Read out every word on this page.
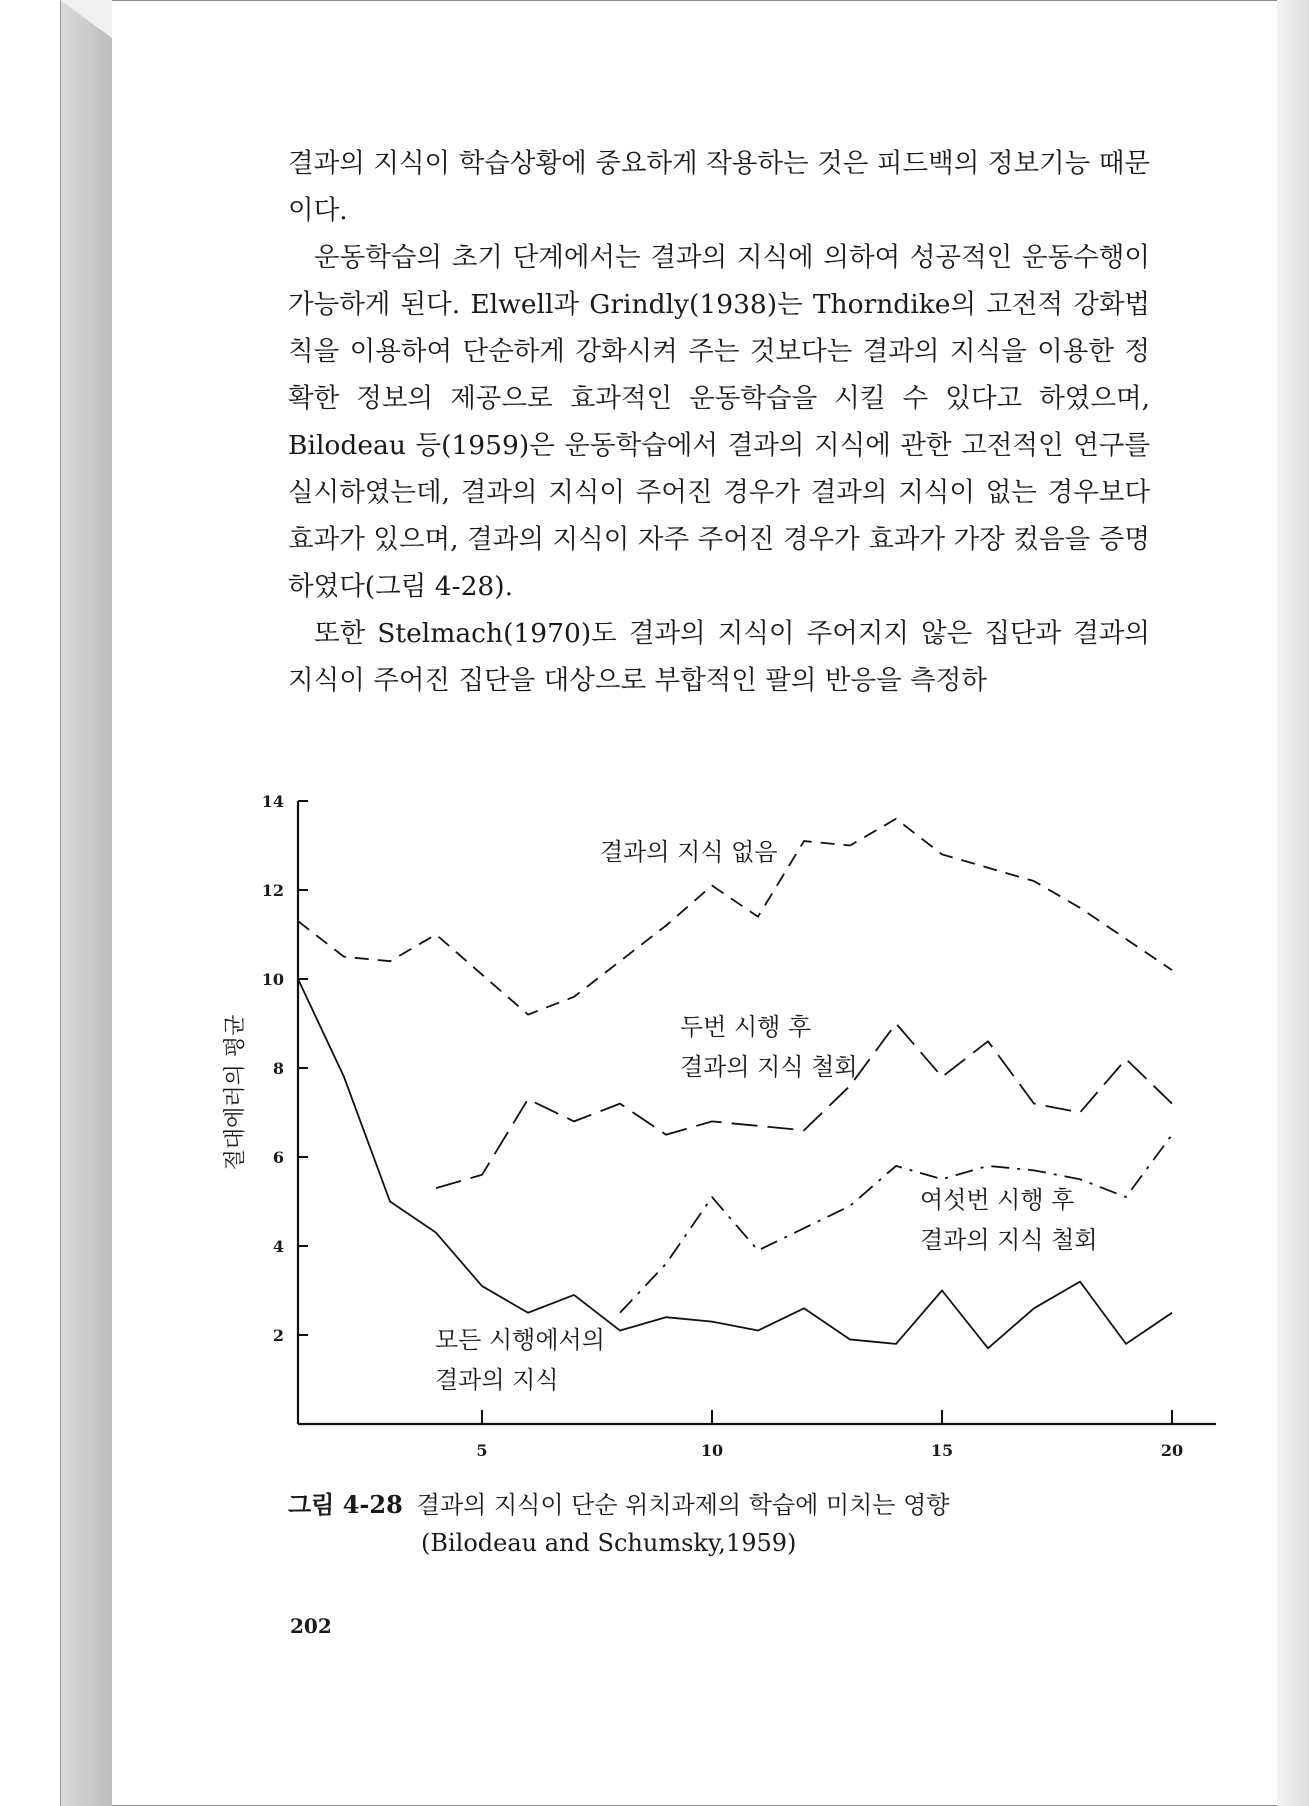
결과의 지식이 학습상황에 중요하게 작용하는 것은 피드백의 정보기능 때문이다.

운동학습의 초기 단계에서는 결과의 지식에 의하여 성공적인 운동수행이 가능하게 된다. Elwell과 Grindly(1938)는 Thorndike의 고전적 강화법칙을 이용하여 단순하게 강화시켜 주는 것보다는 결과의 지식을 이용한 정확한 정보의 제공으로 효과적인 운동학습을 시킬 수 있다고 하였으며, Bilodeau 등(1959)은 운동학습에서 결과의 지식에 관한 고전적인 연구를 실시하였는데, 결과의 지식이 주어진 경우가 결과의 지식이 없는 경우보다 효과가 있으며, 결과의 지식이 자주 주어진 경우가 효과가 가장 컸음을 증명하였다(그림 4-28).

또한 Stelmach(1970)도 결과의 지식이 주어지지 않은 집단과 결과의 지식이 주어진 집단을 대상으로 부합적인 팔의 반응을 측정하

2
4
6
8
10
12
14
5	10	15	20
절대에러의 평균
결과의 지식 없음
두번 시행 후
결과의 지식 철회
여섯번 시행 후
결과의 지식 철회
모든 시행에서의
결과의 지식
그림 4-28 결과의 지식이 단순 위치과제의 학습에 미치는 영향
(Bilodeau and Schumsky,1959)
202
